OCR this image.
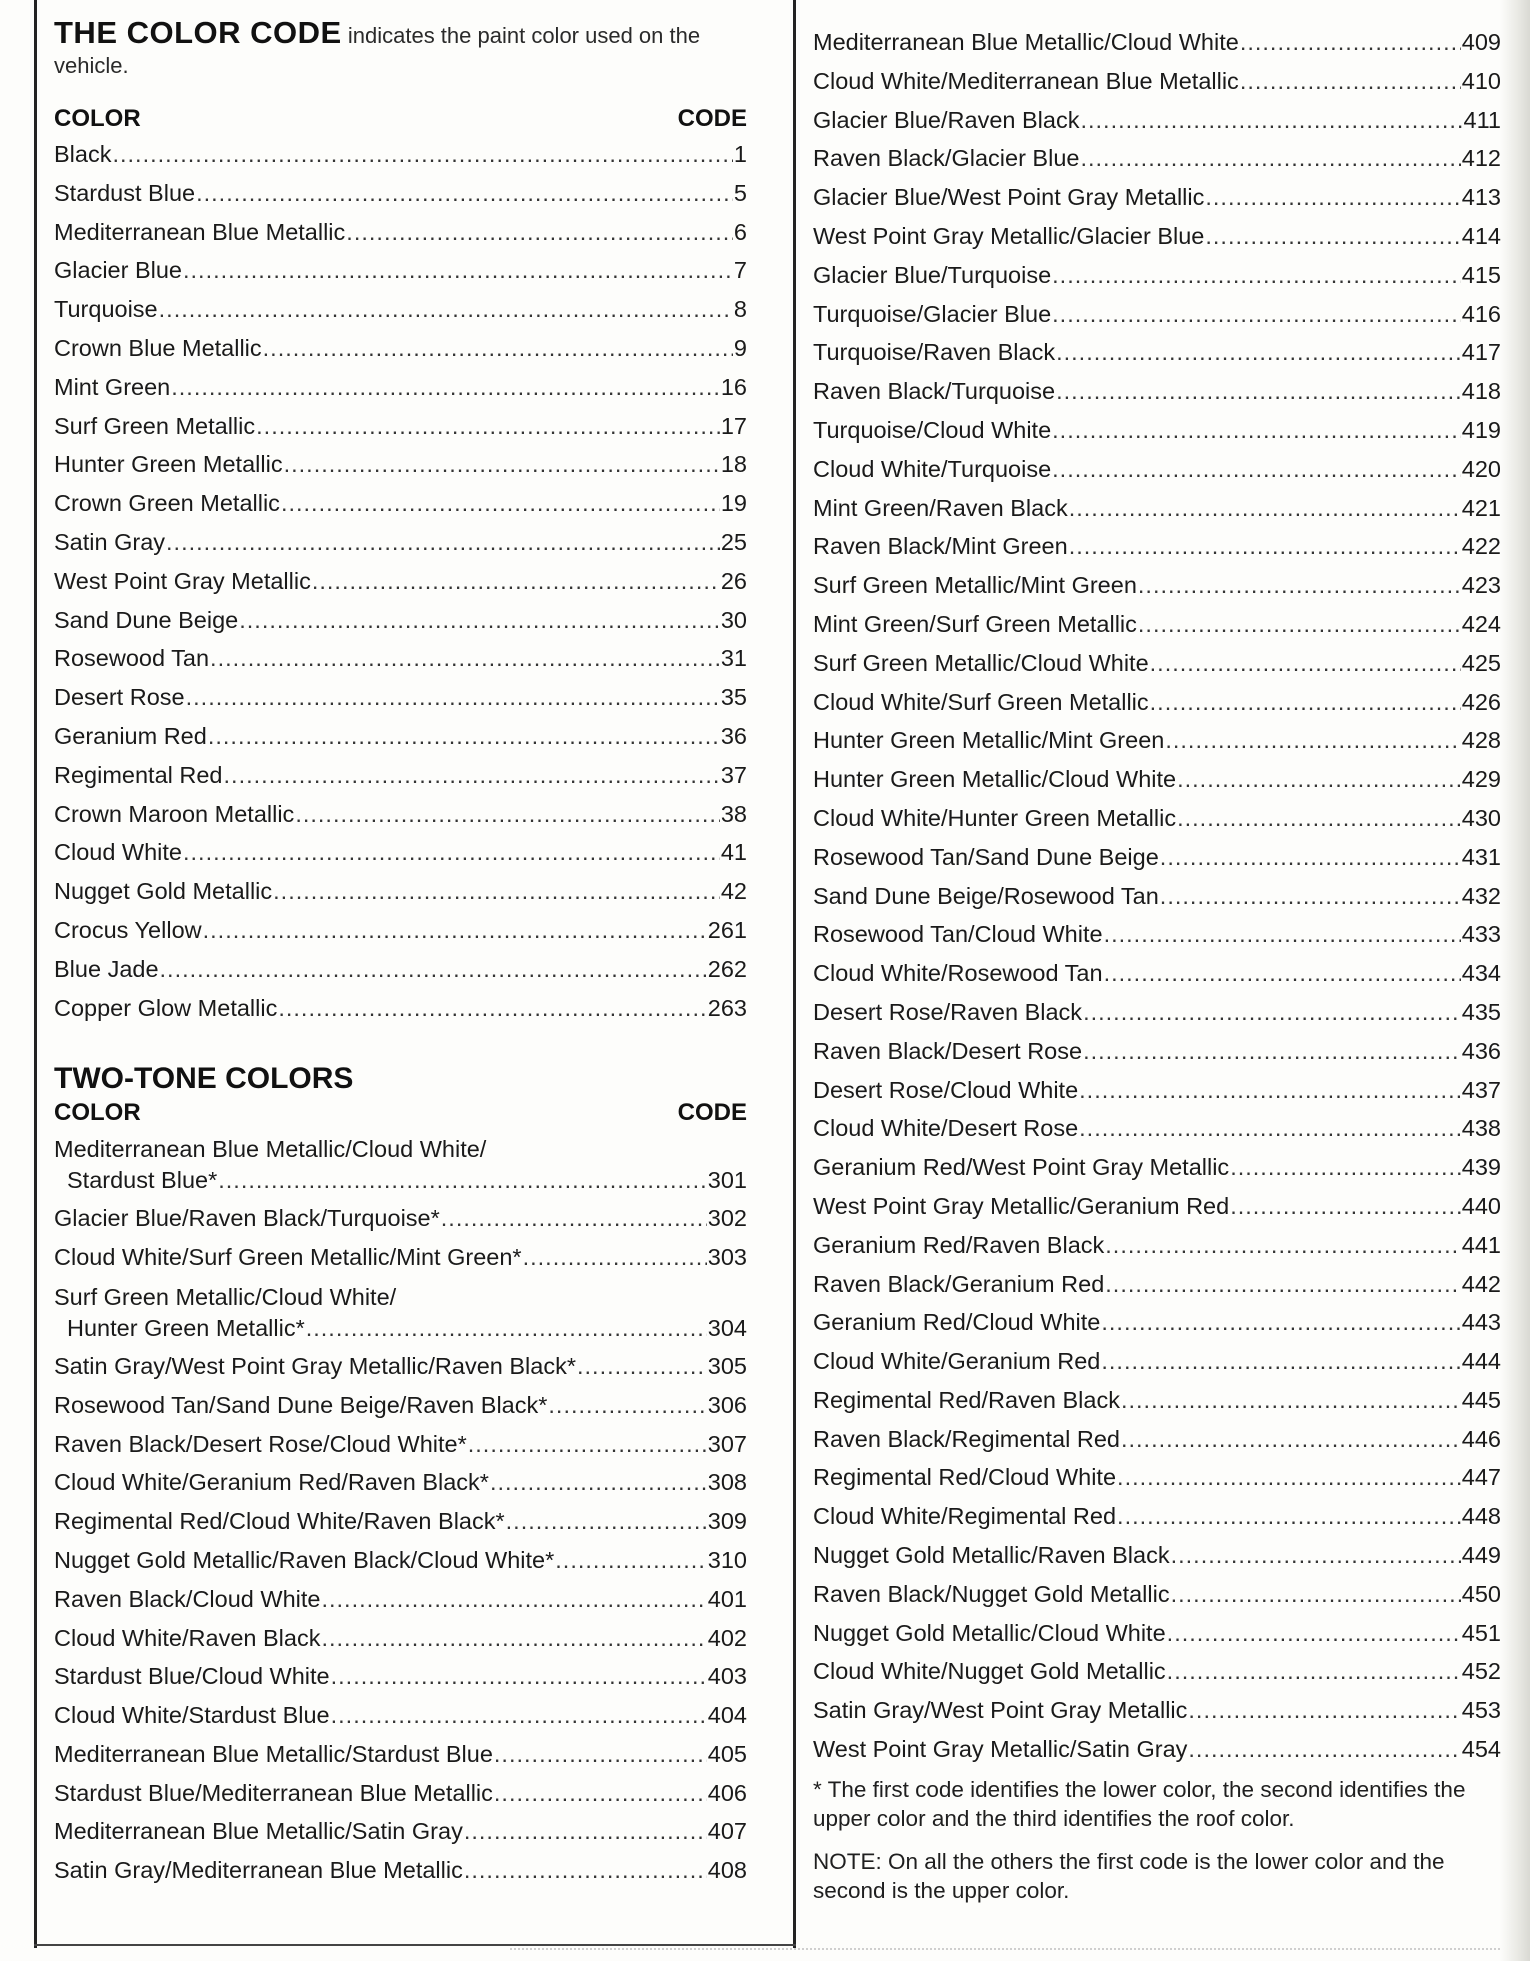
THE COLOR CODE indicates the paint color used on the vehicle.
COLOR	CODE
Black .....	1
Stardust Blue .....	5
Mediterranean Blue Metallic .....	6
Glacier Blue .....	7
Turquoise .....	8
Crown Blue Metallic .....	9
Mint Green .....	16
Surf Green Metallic .....	17
Hunter Green Metallic .....	18
Crown Green Metallic .....	19
Satin Gray .....	25
West Point Gray Metallic .....	26
Sand Dune Beige .....	30
Rosewood Tan .....	31
Desert Rose .....	35
Geranium Red .....	36
Regimental Red .....	37
Crown Maroon Metallic .....	38
Cloud White .....	41
Nugget Gold Metallic .....	42
Crocus Yellow .....	261
Blue Jade .....	262
Copper Glow Metallic .....	263
TWO-TONE COLORS
COLOR	CODE
Mediterranean Blue Metallic/Cloud White/
Stardust Blue* .....	301
Glacier Blue/Raven Black/Turquoise* .....	302
Cloud White/Surf Green Metallic/Mint Green* .....	303
Surf Green Metallic/Cloud White/
Hunter Green Metallic* .....	304
Satin Gray/West Point Gray Metallic/Raven Black* .....	305
Rosewood Tan/Sand Dune Beige/Raven Black* .....	306
Raven Black/Desert Rose/Cloud White* .....	307
Cloud White/Geranium Red/Raven Black* .....	308
Regimental Red/Cloud White/Raven Black* .....	309
Nugget Gold Metallic/Raven Black/Cloud White* .....	310
Raven Black/Cloud White .....	401
Cloud White/Raven Black .....	402
Stardust Blue/Cloud White .....	403
Cloud White/Stardust Blue .....	404
Mediterranean Blue Metallic/Stardust Blue .....	405
Stardust Blue/Mediterranean Blue Metallic .....	406
Mediterranean Blue Metallic/Satin Gray .....	407
Satin Gray/Mediterranean Blue Metallic .....	408
Mediterranean Blue Metallic/Cloud White .....	409
Cloud White/Mediterranean Blue Metallic .....	410
Glacier Blue/Raven Black .....	411
Raven Black/Glacier Blue .....	412
Glacier Blue/West Point Gray Metallic .....	413
West Point Gray Metallic/Glacier Blue .....	414
Glacier Blue/Turquoise .....	415
Turquoise/Glacier Blue .....	416
Turquoise/Raven Black .....	417
Raven Black/Turquoise .....	418
Turquoise/Cloud White .....	419
Cloud White/Turquoise .....	420
Mint Green/Raven Black .....	421
Raven Black/Mint Green .....	422
Surf Green Metallic/Mint Green .....	423
Mint Green/Surf Green Metallic .....	424
Surf Green Metallic/Cloud White .....	425
Cloud White/Surf Green Metallic .....	426
Hunter Green Metallic/Mint Green .....	428
Hunter Green Metallic/Cloud White .....	429
Cloud White/Hunter Green Metallic .....	430
Rosewood Tan/Sand Dune Beige .....	431
Sand Dune Beige/Rosewood Tan .....	432
Rosewood Tan/Cloud White .....	433
Cloud White/Rosewood Tan .....	434
Desert Rose/Raven Black .....	435
Raven Black/Desert Rose .....	436
Desert Rose/Cloud White .....	437
Cloud White/Desert Rose .....	438
Geranium Red/West Point Gray Metallic .....	439
West Point Gray Metallic/Geranium Red .....	440
Geranium Red/Raven Black .....	441
Raven Black/Geranium Red .....	442
Geranium Red/Cloud White .....	443
Cloud White/Geranium Red .....	444
Regimental Red/Raven Black .....	445
Raven Black/Regimental Red .....	446
Regimental Red/Cloud White .....	447
Cloud White/Regimental Red .....	448
Nugget Gold Metallic/Raven Black .....	449
Raven Black/Nugget Gold Metallic .....	450
Nugget Gold Metallic/Cloud White .....	451
Cloud White/Nugget Gold Metallic .....	452
Satin Gray/West Point Gray Metallic .....	453
West Point Gray Metallic/Satin Gray .....	454
* The first code identifies the lower color, the second identifies the upper color and the third identifies the roof color.
NOTE: On all the others the first code is the lower color and the second is the upper color.
